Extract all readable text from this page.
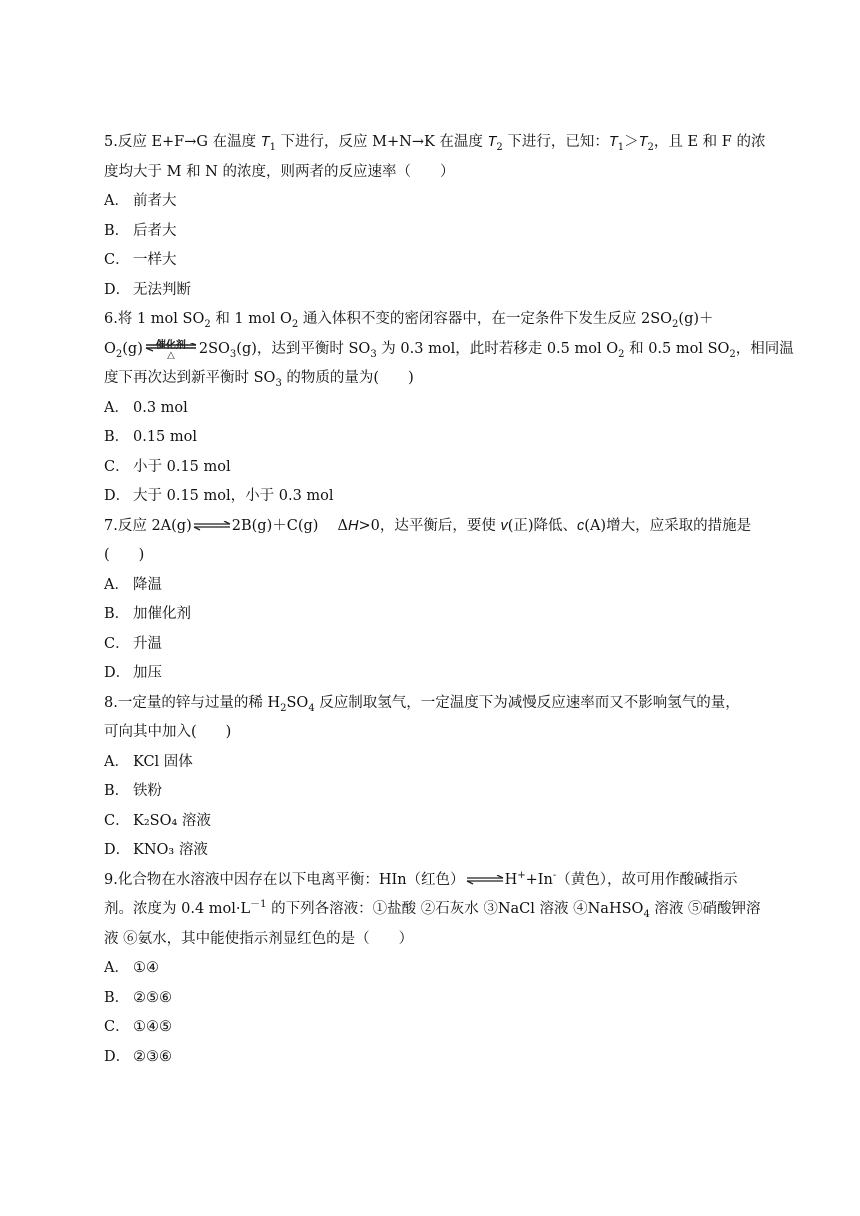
5.反应 E+F→G 在温度 $T_1$ 下进行，反应 M+N→K 在温度 $T_2$ 下进行，已知：$T_1>T_2$，且 E 和 F 的浓

度均大于 M 和 N 的浓度，则两者的反应速率（　　）

A． 前者大

B． 后者大

C． 一样大

D． 无法判断

6.将 1 mol $SO_2$ 和 1 mol $O_2$ 通入体积不变的密闭容器中，在一定条件下发生反应 $2SO_2(g)+$

$O_2(g)$	催化剂
△ $2SO_3(g)$，达到平衡时 $SO_3$ 为 0.3 mol，此时若移走 0.5 mol $O_2$ 和 0.5 mol $SO_2$，相同温

度下再次达到新平衡时 $SO_3$ 的物质的量为(　　)

A． 0.3 mol

B． 0.15 mol

C． 小于 0.15 mol

D． 大于 0.15 mol，小于 0.3 mol

7.反应 2A(g)⇌2B(g)＋C(g)　 ΔH>0，达平衡后，要使 v(正)降低、c(A)增大，应采取的措施是

(　　)

A． 降温

B． 加催化剂

C． 升温

D． 加压

8.一定量的锌与过量的稀 $H_2SO_4$ 反应制取氢气，一定温度下为减慢反应速率而又不影响氢气的量，

可向其中加入(　　)

A． KCl 固体

B． 铁粉

C． K₂SO₄ 溶液

D． KNO₃ 溶液

9.化合物在水溶液中因存在以下电离平衡：HIn（红色）⇌H++In-（黄色），故可用作酸碱指示

剂。浓度为 0.4 $mol\cdot L^{-1}$ 的下列各溶液：①盐酸 ②石灰水 ③NaCl 溶液 ④NaHSO$_4$ 溶液 ⑤硝酸钾溶

液 ⑥氨水，其中能使指示剂显红色的是（　　）

A． ①④

B． ②⑤⑥

C． ①④⑤

D． ②③⑥
